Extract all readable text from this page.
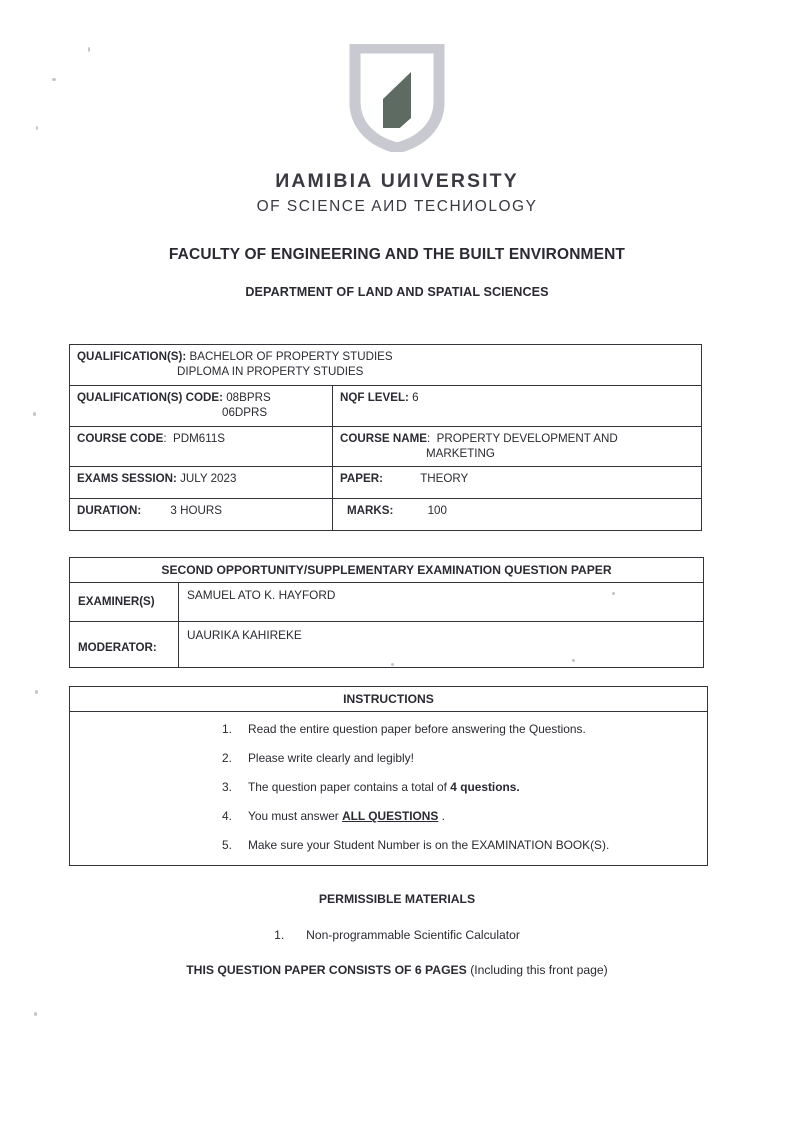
ИАМІВІА UИIVERSITY
OF SCIENCE AИD TECHИOLOGY
FACULTY OF ENGINEERING AND THE BUILT ENVIRONMENT
DEPARTMENT OF LAND AND SPATIAL SCIENCES
QUALIFICATION(S): BACHELOR OF PROPERTY STUDIES
DIPLOMA IN PROPERTY STUDIES	

QUALIFICATION(S) CODE: 08BPRS
06DPRS	NQF LEVEL: 6
COURSE CODE:  PDM611S	COURSE NAME:  PROPERTY DEVELOPMENT AND
MARKETING

EXAMS SESSION: JULY 2023	PAPER: THEORY
DURATION: 3 HOURS	MARKS: 100
SECOND OPPORTUNITY/SUPPLEMENTARY EXAMINATION QUESTION PAPER	
EXAMINER(S)	SAMUEL ATO K. HAYFORD
MODERATOR:	UAURIKA KAHIREKE
INSTRUCTIONS

1.	Read the entire question paper before answering the Questions.
2.	Please write clearly and legibly!
3.	The question paper contains a total of 4 questions.
4.	You must answer ALL QUESTIONS .
5.	Make sure your Student Number is on the EXAMINATION BOOK(S).
PERMISSIBLE MATERIALS
1.	Non-programmable Scientific Calculator
THIS QUESTION PAPER CONSISTS OF 6 PAGES (Including this front page)
